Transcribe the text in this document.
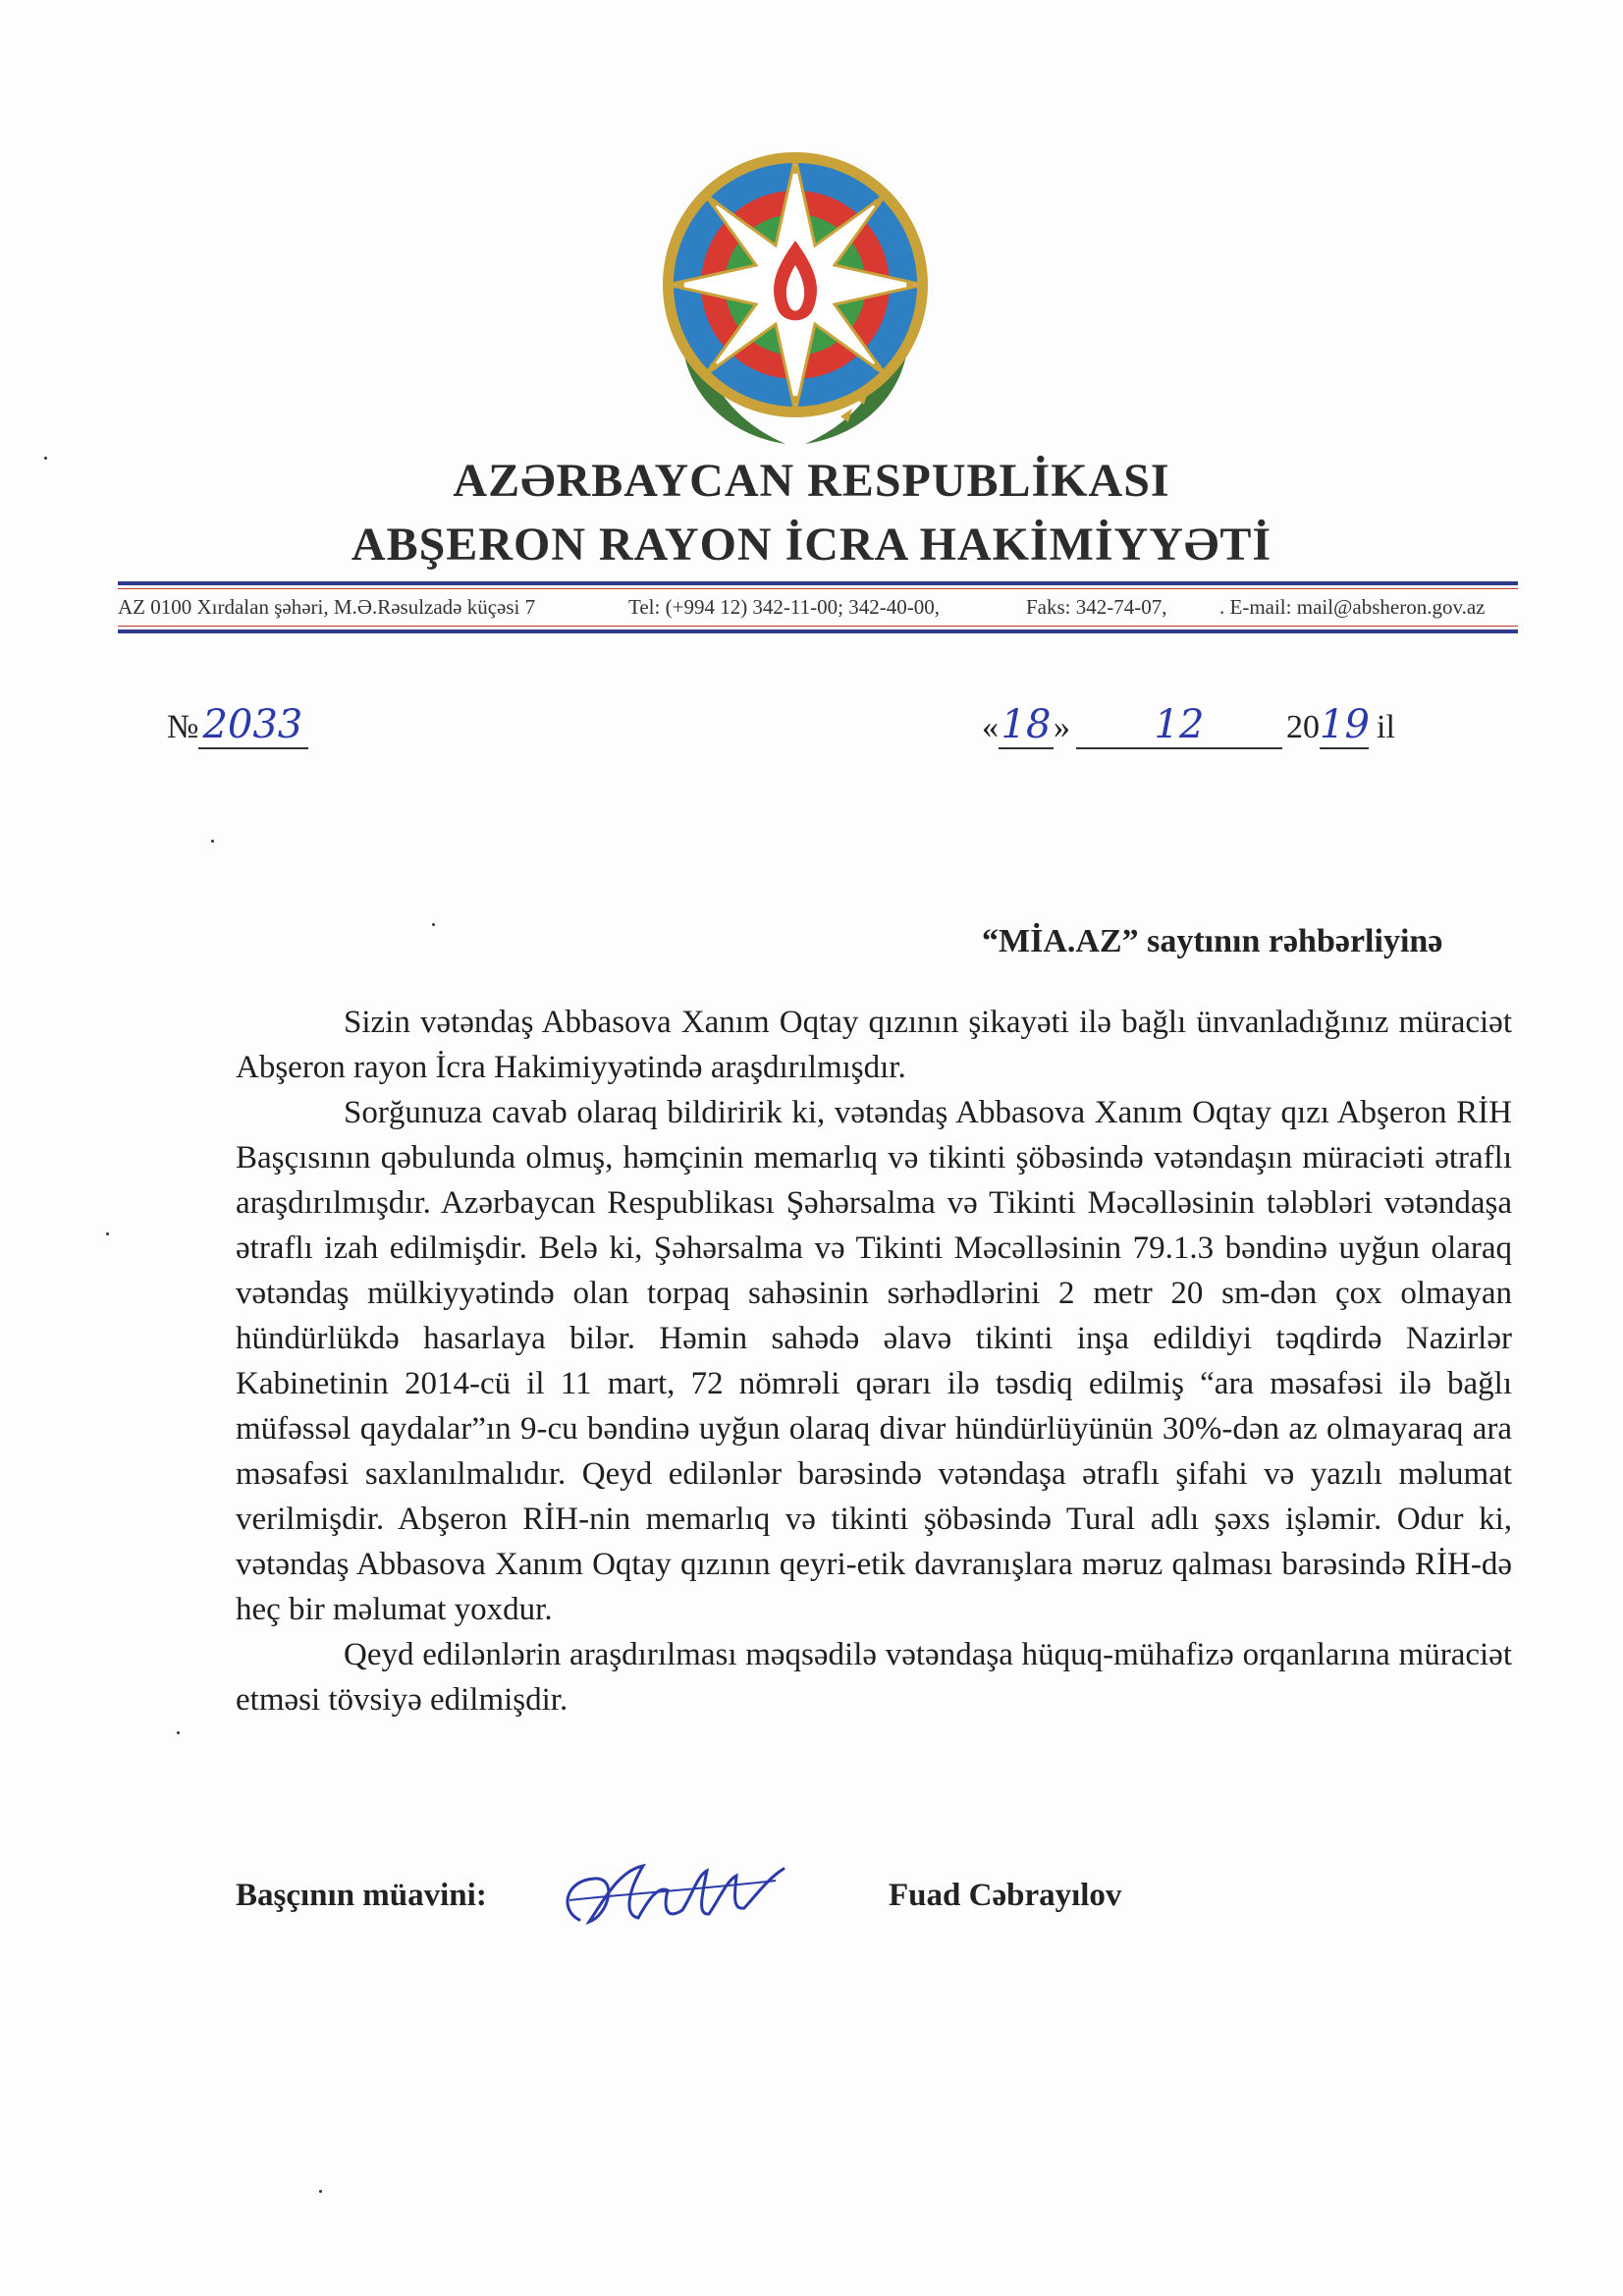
AZƏRBAYCAN RESPUBLİKASI
ABŞERON RAYON İCRA HAKİMİYYƏTİ
AZ 0100 Xırdalan şəhəri, M.Ə.Rəsulzadə küçəsi 7	Tel: (+994 12) 342-11-00; 342-40-00,	Faks: 342-74-07,	. E-mail: mail@absheron.gov.az
№ 2033	«18» 12 2019 il
“MİA.AZ” saytının rəhbərliyinə

Sizin vətəndaş Abbasova Xanım Oqtay qızının şikayəti ilə bağlı ünvanladığınız müraciət Abşeron rayon İcra Hakimiyyətində araşdırılmışdır.

Sorğunuza cavab olaraq bildiririk ki, vətəndaş Abbasova Xanım Oqtay qızı Abşeron RİH Başçısının qəbulunda olmuş, həmçinin memarlıq və tikinti şöbəsində vətəndaşın müraciəti ətraflı araşdırılmışdır. Azərbaycan Respublikası Şəhərsalma və Tikinti Məcəlləsinin tələbləri vətəndaşa ətraflı izah edilmişdir. Belə ki, Şəhərsalma və Tikinti Məcəlləsinin 79.1.3 bəndinə uyğun olaraq vətəndaş mülkiyyətində olan torpaq sahəsinin sərhədlərini 2 metr 20 sm-dən çox olmayan hündürlükdə hasarlaya bilər. Həmin sahədə əlavə tikinti inşa edildiyi təqdirdə Nazirlər Kabinetinin 2014-cü il 11 mart, 72 nömrəli qərarı ilə təsdiq edilmiş “ara məsafəsi ilə bağlı müfəssəl qaydalar”ın 9-cu bəndinə uyğun olaraq divar hündürlüyünün 30%-dən az olmayaraq ara məsafəsi saxlanılmalıdır. Qeyd edilənlər barəsində vətəndaşa ətraflı şifahi və yazılı məlumat verilmişdir. Abşeron RİH-nin memarlıq və tikinti şöbəsində Tural adlı şəxs işləmir. Odur ki, vətəndaş Abbasova Xanım Oqtay qızının qeyri-etik davranışlara məruz qalması barəsində RİH-də heç bir məlumat yoxdur.

Qeyd edilənlərin araşdırılması məqsədilə vətəndaşa hüquq-mühafizə orqanlarına müraciət etməsi tövsiyə edilmişdir.

Başçının müavini:	Fuad Cəbrayılov
